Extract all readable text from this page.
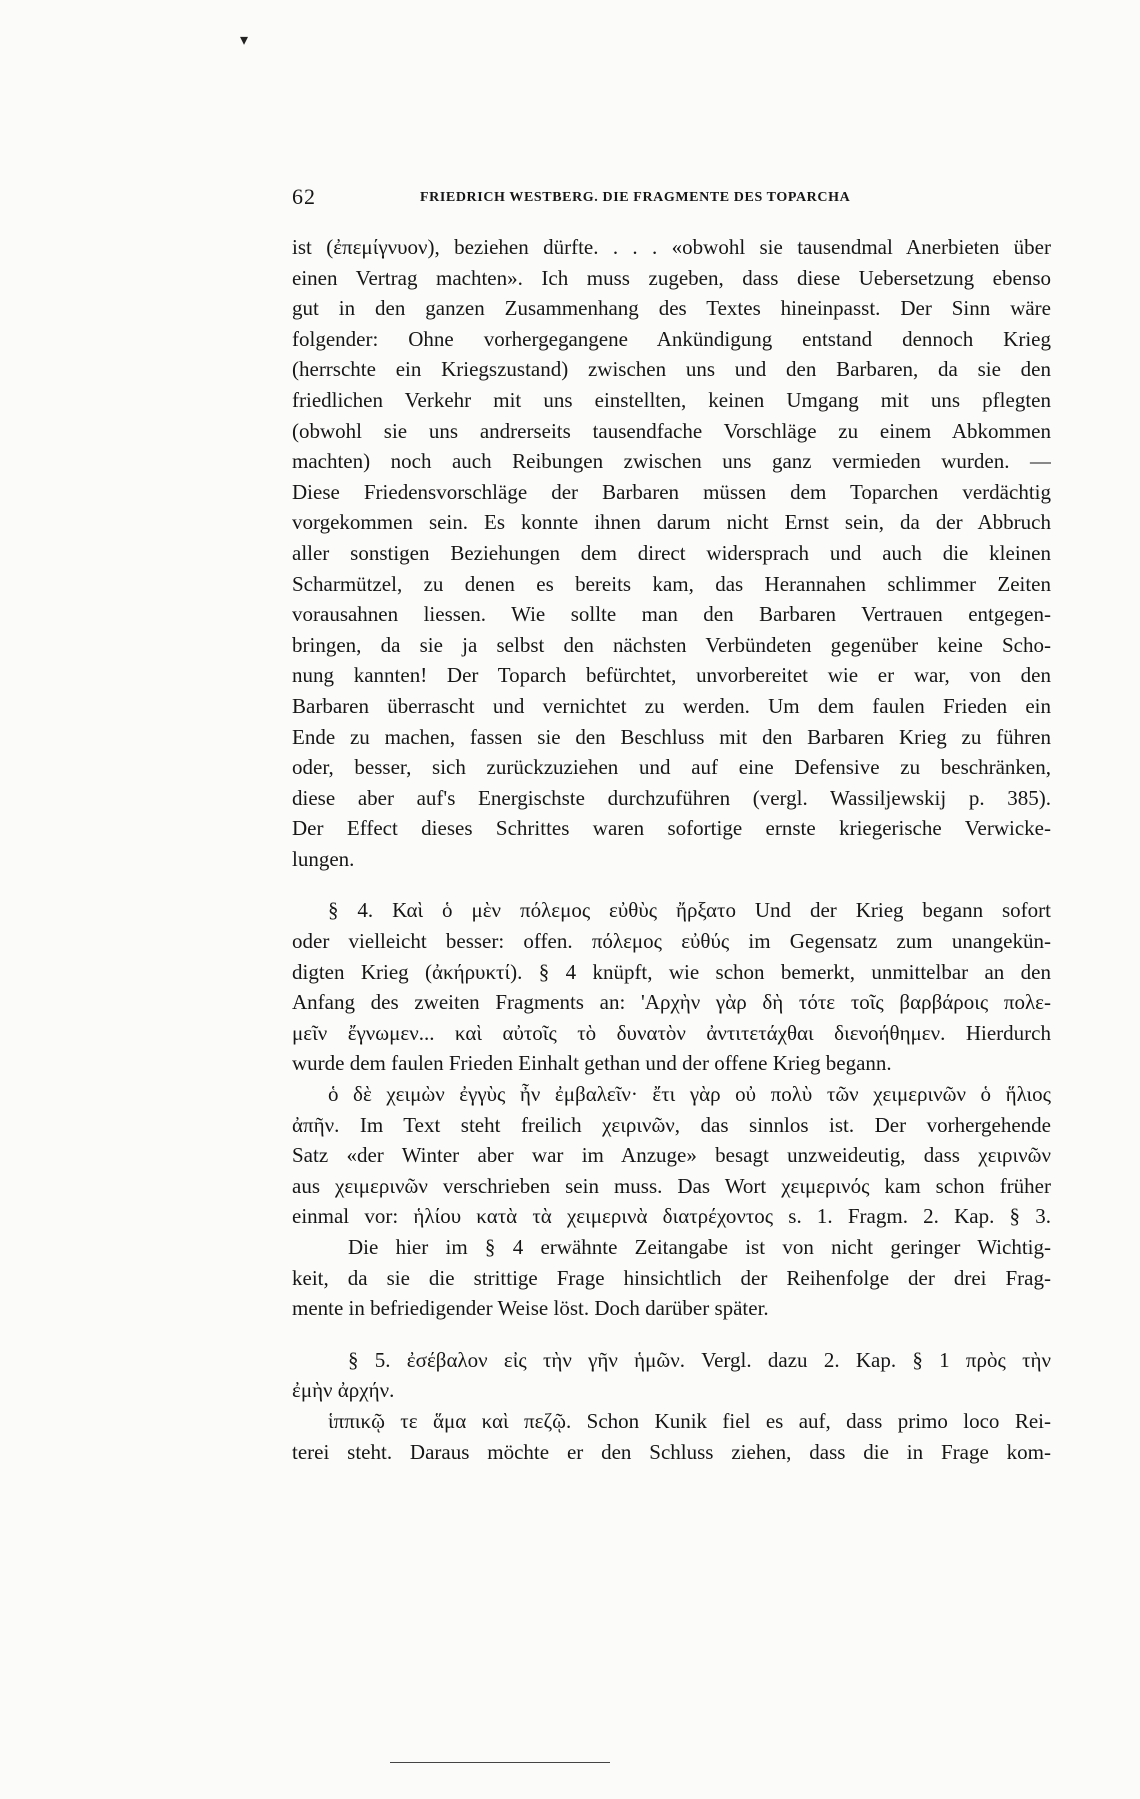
▾
62	FRIEDRICH WESTBERG. DIE FRAGMENTE DES TOPARCHA
ist (ἐπεμίγνυον), beziehen dürfte. . . . «obwohl sie tausendmal Anerbieten über
einen Vertrag machten». Ich muss zugeben, dass diese Uebersetzung ebenso
gut in den ganzen Zusammenhang des Textes hineinpasst. Der Sinn wäre
folgender: Ohne vorhergegangene Ankündigung entstand dennoch Krieg
(herrschte ein Kriegszustand) zwischen uns und den Barbaren, da sie den
friedlichen Verkehr mit uns einstellten, keinen Umgang mit uns pflegten
(obwohl sie uns andrerseits tausendfache Vorschläge zu einem Abkommen
machten) noch auch Reibungen zwischen uns ganz vermieden wurden. —
Diese Friedensvorschläge der Barbaren müssen dem Toparchen verdächtig
vorgekommen sein. Es konnte ihnen darum nicht Ernst sein, da der Abbruch
aller sonstigen Beziehungen dem direct widersprach und auch die kleinen
Scharmützel, zu denen es bereits kam, das Herannahen schlimmer Zeiten
vorausahnen liessen. Wie sollte man den Barbaren Vertrauen entgegen-
bringen, da sie ja selbst den nächsten Verbündeten gegenüber keine Scho-
nung kannten! Der Toparch befürchtet, unvorbereitet wie er war, von den
Barbaren überrascht und vernichtet zu werden. Um dem faulen Frieden ein
Ende zu machen, fassen sie den Beschluss mit den Barbaren Krieg zu führen
oder, besser, sich zurückzuziehen und auf eine Defensive zu beschränken,
diese aber auf's Energischste durchzuführen (vergl. Wassiljewskij p. 385).
Der Effect dieses Schrittes waren sofortige ernste kriegerische Verwicke-
lungen.
§ 4. Καὶ ὁ μὲν πόλεμος εὐθὺς ἤρξατο Und der Krieg begann sofort
oder vielleicht besser: offen. πόλεμος εὐθύς im Gegensatz zum unangekün-
digten Krieg (ἀκήρυκτί). § 4 knüpft, wie schon bemerkt, unmittelbar an den
Anfang des zweiten Fragments an: 'Αρχὴν γὰρ δὴ τότε τοῖς βαρβάροις πολε-
μεῖν ἔγνωμεν... καὶ αὐτοῖς τὸ δυνατὸν ἀντιτετάχθαι διενοήθημεν. Hierdurch
wurde dem faulen Frieden Einhalt gethan und der offene Krieg begann.
ὁ δὲ χειμὼν ἐγγὺς ἦν ἐμβαλεῖν· ἔτι γὰρ οὐ πολὺ τῶν χειμερινῶν ὁ ἥλιος
ἀπῆν. Im Text steht freilich χειρινῶν, das sinnlos ist. Der vorhergehende
Satz «der Winter aber war im Anzuge» besagt unzweideutig, dass χειρινῶν
aus χειμερινῶν verschrieben sein muss. Das Wort χειμερινός kam schon früher
einmal vor: ἡλίου κατὰ τὰ χειμερινὰ διατρέχοντος s. 1. Fragm. 2. Kap. § 3.
Die hier im § 4 erwähnte Zeitangabe ist von nicht geringer Wichtig-
keit, da sie die strittige Frage hinsichtlich der Reihenfolge der drei Frag-
mente in befriedigender Weise löst. Doch darüber später.
§ 5. ἐσέβαλον εἰς τὴν γῆν ἡμῶν. Vergl. dazu 2. Kap. § 1 πρὸς τὴν
ἐμὴν ἀρχήν.
ἱππικῷ τε ἅμα καὶ πεζῷ. Schon Kunik fiel es auf, dass primo loco Rei-
terei steht. Daraus möchte er den Schluss ziehen, dass die in Frage kom-
